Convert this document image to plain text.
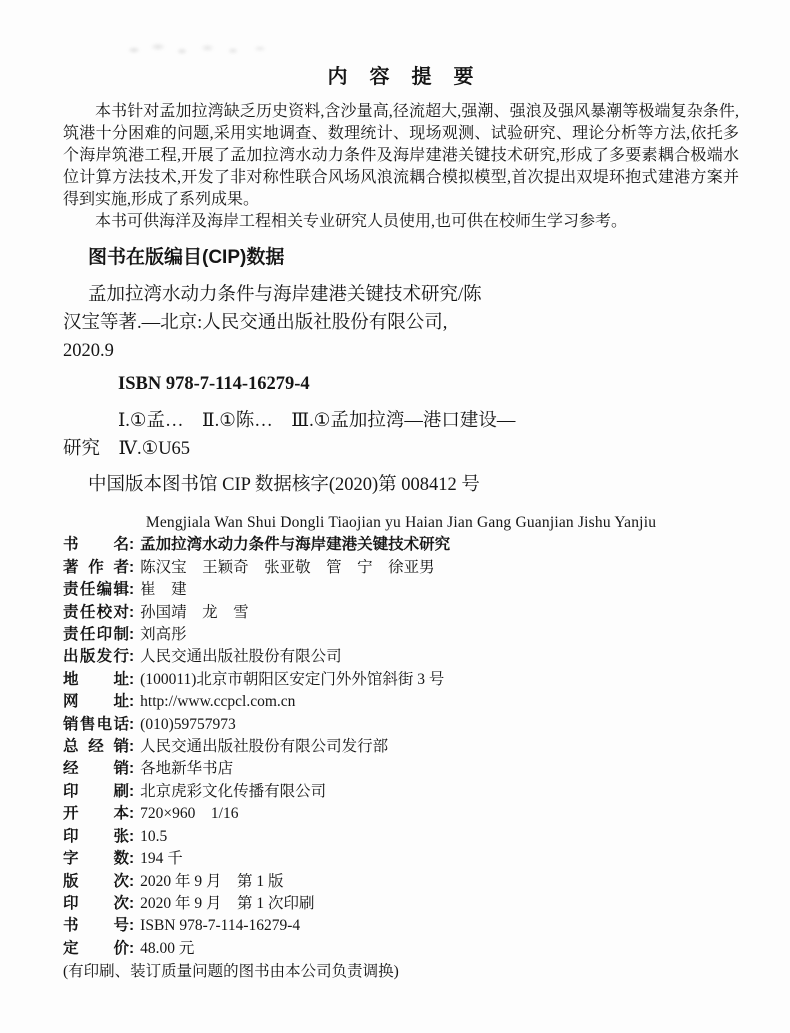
内　容　提　要

本书针对孟加拉湾缺乏历史资料,含沙量高,径流超大,强潮、强浪及强风暴潮等极端复杂条件,筑港十分困难的问题,采用实地调查、数理统计、现场观测、试验研究、理论分析等方法,依托多个海岸筑港工程,开展了孟加拉湾水动力条件及海岸建港关键技术研究,形成了多要素耦合极端水位计算方法技术,开发了非对称性联合风场风浪流耦合模拟模型,首次提出双堤环抱式建港方案并得到实施,形成了系列成果。

本书可供海洋及海岸工程相关专业研究人员使用,也可供在校师生学习参考。

图书在版编目(CIP)数据
孟加拉湾水动力条件与海岸建港关键技术研究/陈
汉宝等著.—北京:人民交通出版社股份有限公司,
2020.9
ISBN 978-7-114-16279-4
Ⅰ.①孟…　Ⅱ.①陈…　Ⅲ.①孟加拉湾—港口建设—
研究　Ⅳ.①U65
中国版本图书馆 CIP 数据核字(2020)第 008412 号
Mengjiala Wan Shui Dongli Tiaojian yu Haian Jian Gang Guanjian Jishu Yanjiu
书名 : 孟加拉湾水动力条件与海岸建港关键技术研究
著作者 : 陈汉宝　王颖奇　张亚敬　管　宁　徐亚男
责任编辑 : 崔　建
责任校对 : 孙国靖　龙　雪
责任印制 : 刘高彤
出版发行 : 人民交通出版社股份有限公司
地址 : (100011)北京市朝阳区安定门外外馆斜街 3 号
网址 : http://www.ccpcl.com.cn
销售电话 : (010)59757973
总经销 : 人民交通出版社股份有限公司发行部
经销 : 各地新华书店
印刷 : 北京虎彩文化传播有限公司
开本 : 720×960　1/16
印张 : 10.5
字数 : 194 千
版次 : 2020 年 9 月　第 1 版
印次 : 2020 年 9 月　第 1 次印刷
书号 : ISBN 978-7-114-16279-4
定价 : 48.00 元
(有印刷、装订质量问题的图书由本公司负责调换)
